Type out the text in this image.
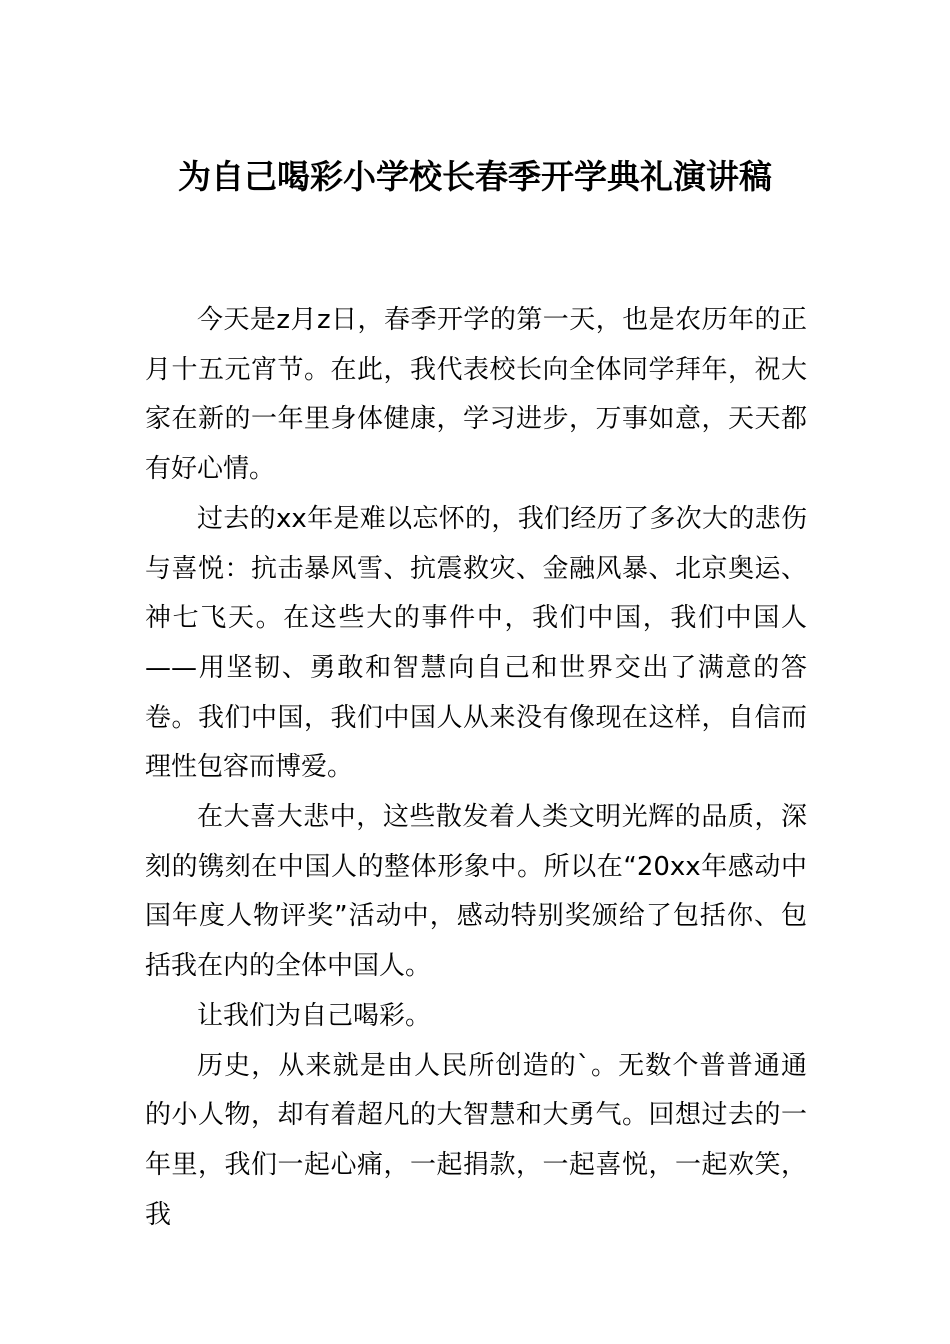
为自己喝彩小学校长春季开学典礼演讲稿

今天是z月z日，春季开学的第一天，也是农历年的正月十五元宵节。在此，我代表校长向全体同学拜年，祝大家在新的一年里身体健康，学习进步，万事如意，天天都有好心情。

过去的xx年是难以忘怀的，我们经历了多次大的悲伤与喜悦：抗击暴风雪、抗震救灾、金融风暴、北京奥运、神七飞天。在这些大的事件中，我们中国，我们中国人——用坚韧、勇敢和智慧向自己和世界交出了满意的答卷。我们中国，我们中国人从来没有像现在这样，自信而理性包容而博爱。

在大喜大悲中，这些散发着人类文明光辉的品质，深刻的镌刻在中国人的整体形象中。所以在“20xx年感动中国年度人物评奖”活动中，感动特别奖颁给了包括你、包括我在内的全体中国人。

让我们为自己喝彩。

历史，从来就是由人民所创造的`。无数个普普通通的小人物，却有着超凡的大智慧和大勇气。回想过去的一年里，我们一起心痛，一起捐款，一起喜悦，一起欢笑，我
